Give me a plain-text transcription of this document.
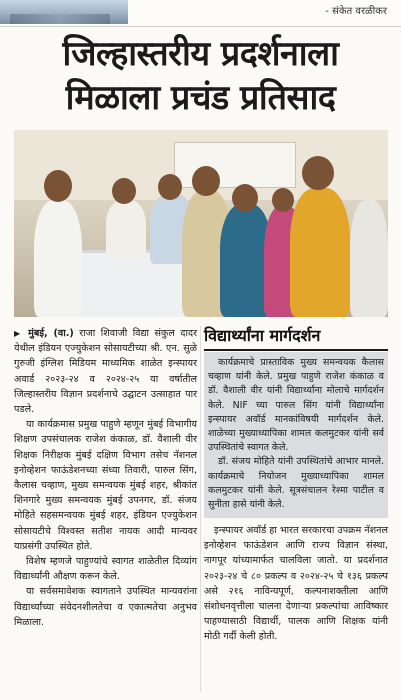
- संकेत वरळीकर
जिल्हास्तरीय प्रदर्शनाला
मिळाला प्रचंड प्रतिसाद

▶ मुंबई, (वा.) राजा शिवाजी विद्या संकुल दादर येथील इंडियन एज्युकेशन सोसायटीच्या श्री. एन. सुळे गुरुजी इंग्लिश मिडियम माध्यमिक शाळेत इन्स्पायर अवार्ड २०२३-२४ व २०२४-२५ या वर्षातील जिल्हास्तरीय विज्ञान प्रदर्शनाचे उद्घाटन उत्साहात पार पडले.

या कार्यक्रमास प्रमुख पाहुणे म्हणून मुंबई विभागीय शिक्षण उपसंचालक राजेश कंकाळ, डॉ. वैशाली वीर शिक्षक निरीक्षक मुंबई दक्षिण विभाग तसेच नॅशनल इनोव्हेशन फाऊंडेशनच्या संध्या तिवारी, पारुल सिंग, कैलास चव्हाण, मुख्य समन्वयक मुंबई शहर, श्रीकांत शिनगारे मुख्य समन्वयक मुंबई उपनगर, डॉ. संजय मोहिते सहसमन्वयक मुंबई शहर, इंडियन एज्युकेशन सोसायटीचे विश्वस्त सतीश नायक आदी मान्यवर याप्रसंगी उपस्थित होते.

विशेष म्हणजे पाहुण्यांचे स्वागत शाळेतील दिव्यांग विद्यार्थ्यांनी औक्षण करून केले.

या सर्वसमावेशक स्वागताने उपस्थित मान्यवरांना विद्यार्थ्यांच्या संवेदनशीलतेचा व एकात्मतेचा अनुभव मिळाला.

विद्यार्थ्यांना मार्गदर्शन

कार्यक्रमाचे प्रास्ताविक मुख्य समन्वयक कैलास चव्हाण यांनी केले. प्रमुख पाहुणे राजेश कंकाळ व डॉ. वैशाली वीर यांनी विद्यार्थ्यांना मोलाचे मार्गदर्शन केले. NIF च्या पारुल सिंग यांनी विद्यार्थ्यांना इन्स्पायर अवॉर्ड मानकांविषयी मार्गदर्शन केले. शाळेच्या मुख्याध्यापिका शामल कलमुटकर यांनी सर्व उपस्थितांचे स्वागत केले.

डॉ. संजय मोहिते यांनी उपस्थितांचे आभार मानले. कार्यक्रमाचे नियोजन मुख्याध्यापिका शामल कलमुटकर यांनी केले. सूत्रसंचालन रेश्मा पाटील व सुनीता हासे यांनी केले.

इन्स्पायर अवॉर्ड हा भारत सरकारचा उपक्रम नॅशनल इनोव्हेशन फाऊंडेशन आणि राज्य विज्ञान संस्था, नागपूर यांच्यामार्फत चालविला जातो. या प्रदर्शनात २०२३-२४ चे ८० प्रकल्प व २०२४-२५ चे १३६ प्रकल्प असे २१६ नाविन्यपूर्ण, कल्पनाशक्तीला आणि संशोधनवृत्तीला चालना देणाऱ्या प्रकल्पांचा आविष्कार पाहण्यासाठी विद्यार्थी, पालक आणि शिक्षक यांनी मोठी गर्दी केली होती.
